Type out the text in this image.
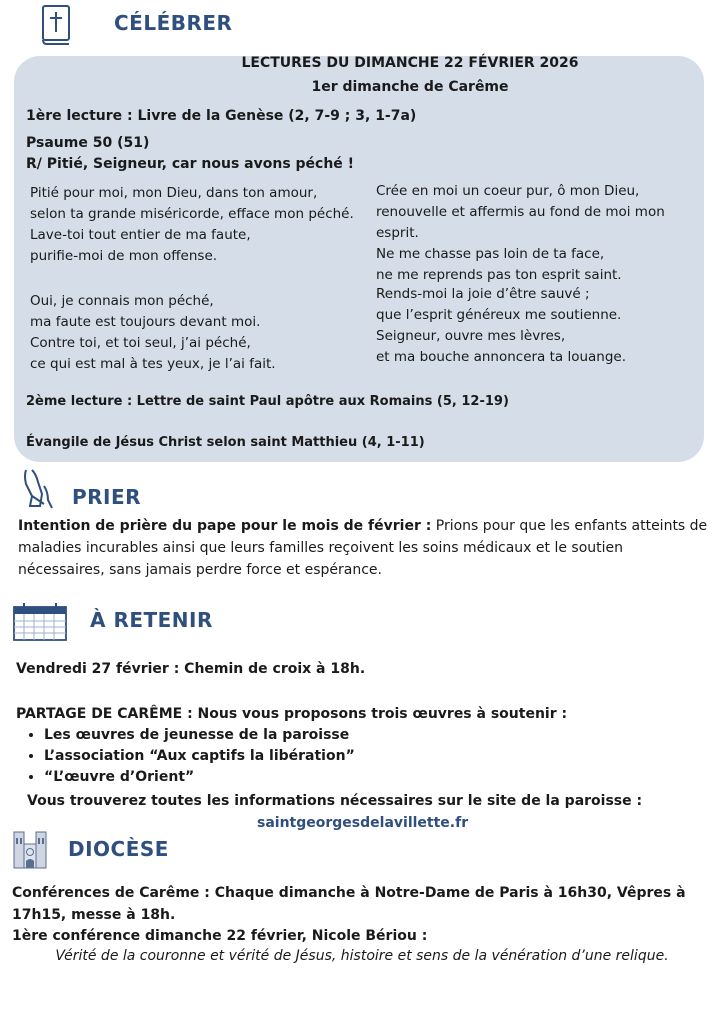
CÉLÉBRER
LECTURES DU DIMANCHE 22 FÉVRIER 2026
1er dimanche de Carême
1ère lecture : Livre de la Genèse (2, 7-9 ; 3, 1-7a)
Psaume 50 (51)
R/ Pitié, Seigneur, car nous avons péché !
Pitié pour moi, mon Dieu, dans ton amour,
selon ta grande miséricorde, efface mon péché.
Lave-toi tout entier de ma faute,
purifie-moi de mon offense.
Oui, je connais mon péché,
ma faute est toujours devant moi.
Contre toi, et toi seul, j’ai péché,
ce qui est mal à tes yeux, je l’ai fait.
Crée en moi un coeur pur, ô mon Dieu,
renouvelle et affermis au fond de moi mon esprit.
Ne me chasse pas loin de ta face,
ne me reprends pas ton esprit saint.
Rends-moi la joie d’être sauvé ;
que l’esprit généreux me soutienne.
Seigneur, ouvre mes lèvres,
et ma bouche annoncera ta louange.
2ème lecture : Lettre de saint Paul apôtre aux Romains (5, 12-19)
Évangile de Jésus Christ selon saint Matthieu (4, 1-11)
PRIER
Intention de prière du pape pour le mois de février : Prions pour que les enfants atteints de maladies incurables ainsi que leurs familles reçoivent les soins médicaux et le soutien nécessaires, sans jamais perdre force et espérance.
À RETENIR
Vendredi 27 février : Chemin de croix à 18h.
PARTAGE DE CARÊME : Nous vous proposons trois œuvres à soutenir :
• Les œuvres de jeunesse de la paroisse
• L’association “Aux captifs la libération”
• “L’œuvre d’Orient”
Vous trouverez toutes les informations nécessaires sur le site de la paroisse :
saintgeorgesdelavillette.fr
DIOCÈSE
Conférences de Carême : Chaque dimanche à Notre-Dame de Paris à 16h30, Vêpres à 17h15, messe à 18h.
1ère conférence dimanche 22 février, Nicole Bériou :
Vérité de la couronne et vérité de Jésus, histoire et sens de la vénération d’une relique.
